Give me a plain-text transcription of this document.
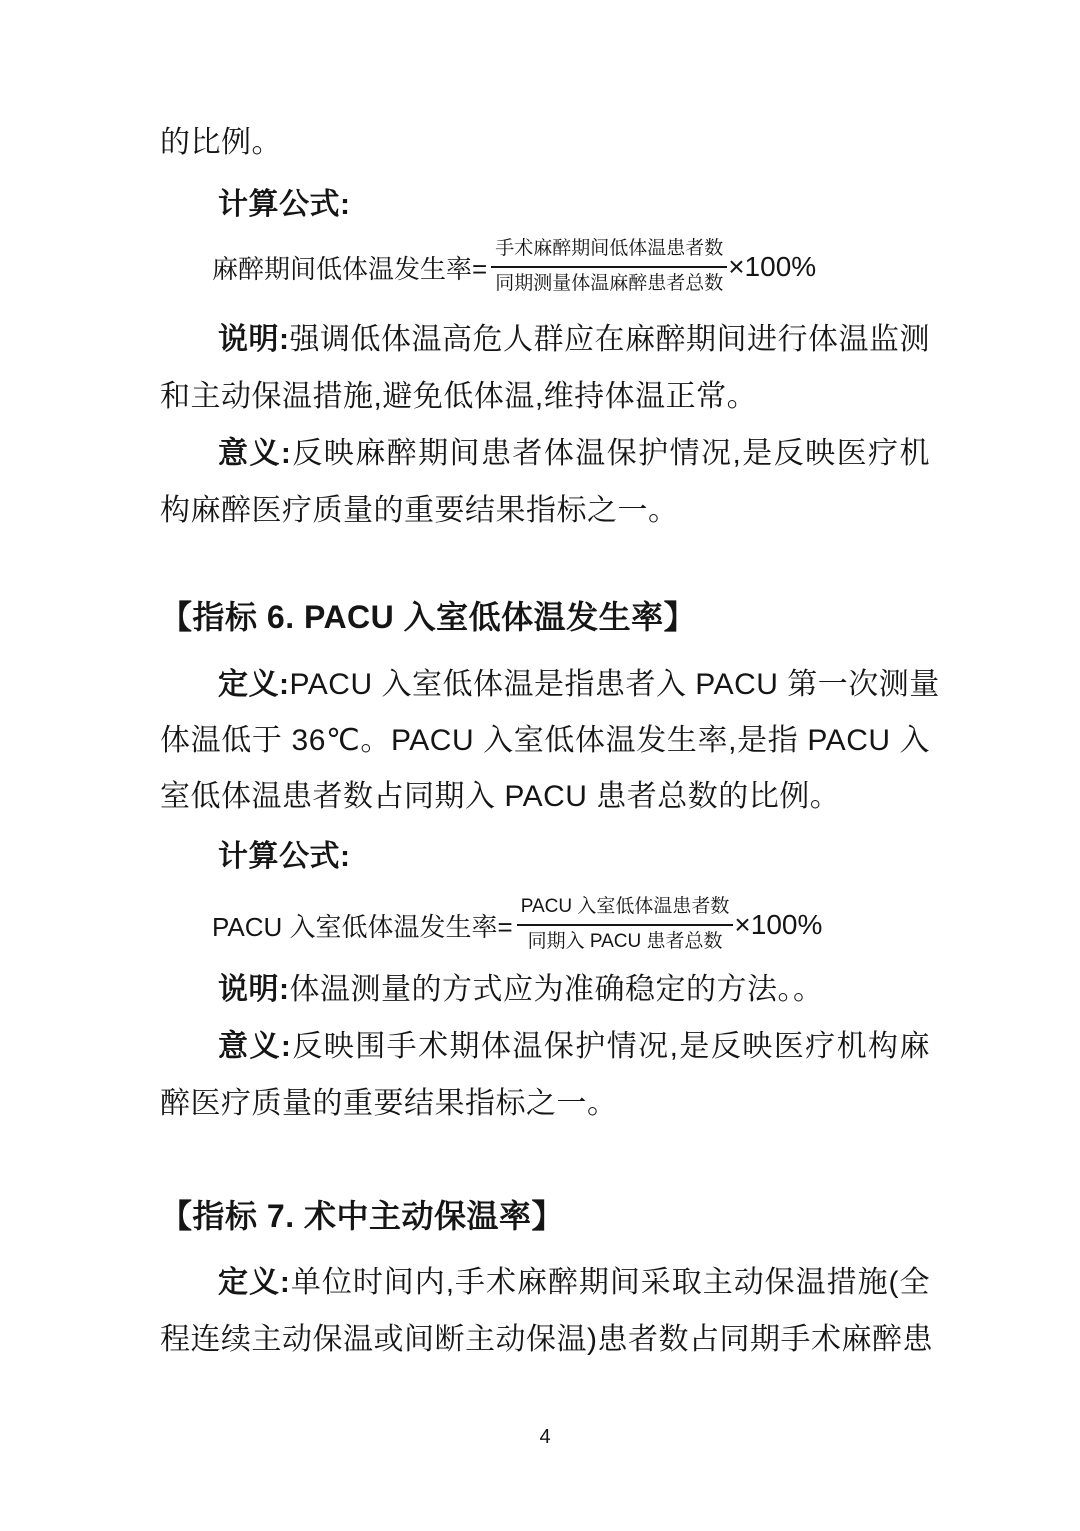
的比例。
计算公式:
麻醉期间低体温发生率= $\frac{\text{手术麻醉期间低体温患者数}}{\text{同期测量体温麻醉患者总数}} \times 100\%$
说明:强调低体温高危人群应在麻醉期间进行体温监测
和主动保温措施,避免低体温,维持体温正常。
意义:反映麻醉期间患者体温保护情况,是反映医疗机
构麻醉医疗质量的重要结果指标之一。
【指标 6. PACU 入室低体温发生率】
定义:PACU 入室低体温是指患者入 PACU 第一次测量
体温低于 36℃。PACU 入室低体温发生率,是指 PACU 入
室低体温患者数占同期入 PACU 患者总数的比例。
计算公式:
PACU 入室低体温发生率= $\frac{\text{PACU 入室低体温患者数}}{\text{同期入 PACU 患者总数}} \times 100\%$
说明:体温测量的方式应为准确稳定的方法。。
意义:反映围手术期体温保护情况,是反映医疗机构麻
醉医疗质量的重要结果指标之一。
【指标 7. 术中主动保温率】
定义:单位时间内,手术麻醉期间采取主动保温措施(全
程连续主动保温或间断主动保温)患者数占同期手术麻醉患
4
